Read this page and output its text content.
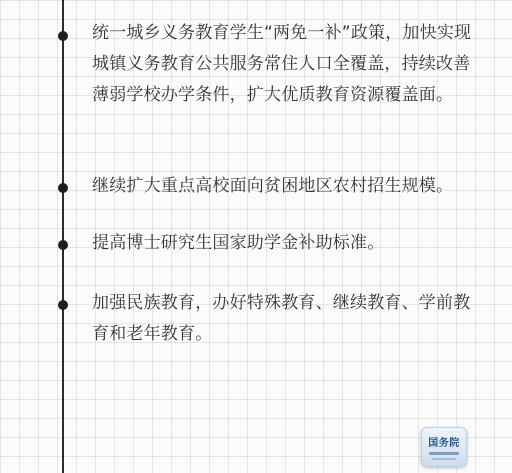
统一城乡义务教育学生“两免一补”政策，加快实现城镇义务教育公共服务常住人口全覆盖，持续改善薄弱学校办学条件，扩大优质教育资源覆盖面。

继续扩大重点高校面向贫困地区农村招生规模。

提高博士研究生国家助学金补助标准。

加强民族教育，办好特殊教育、继续教育、学前教育和老年教育。

国务院
